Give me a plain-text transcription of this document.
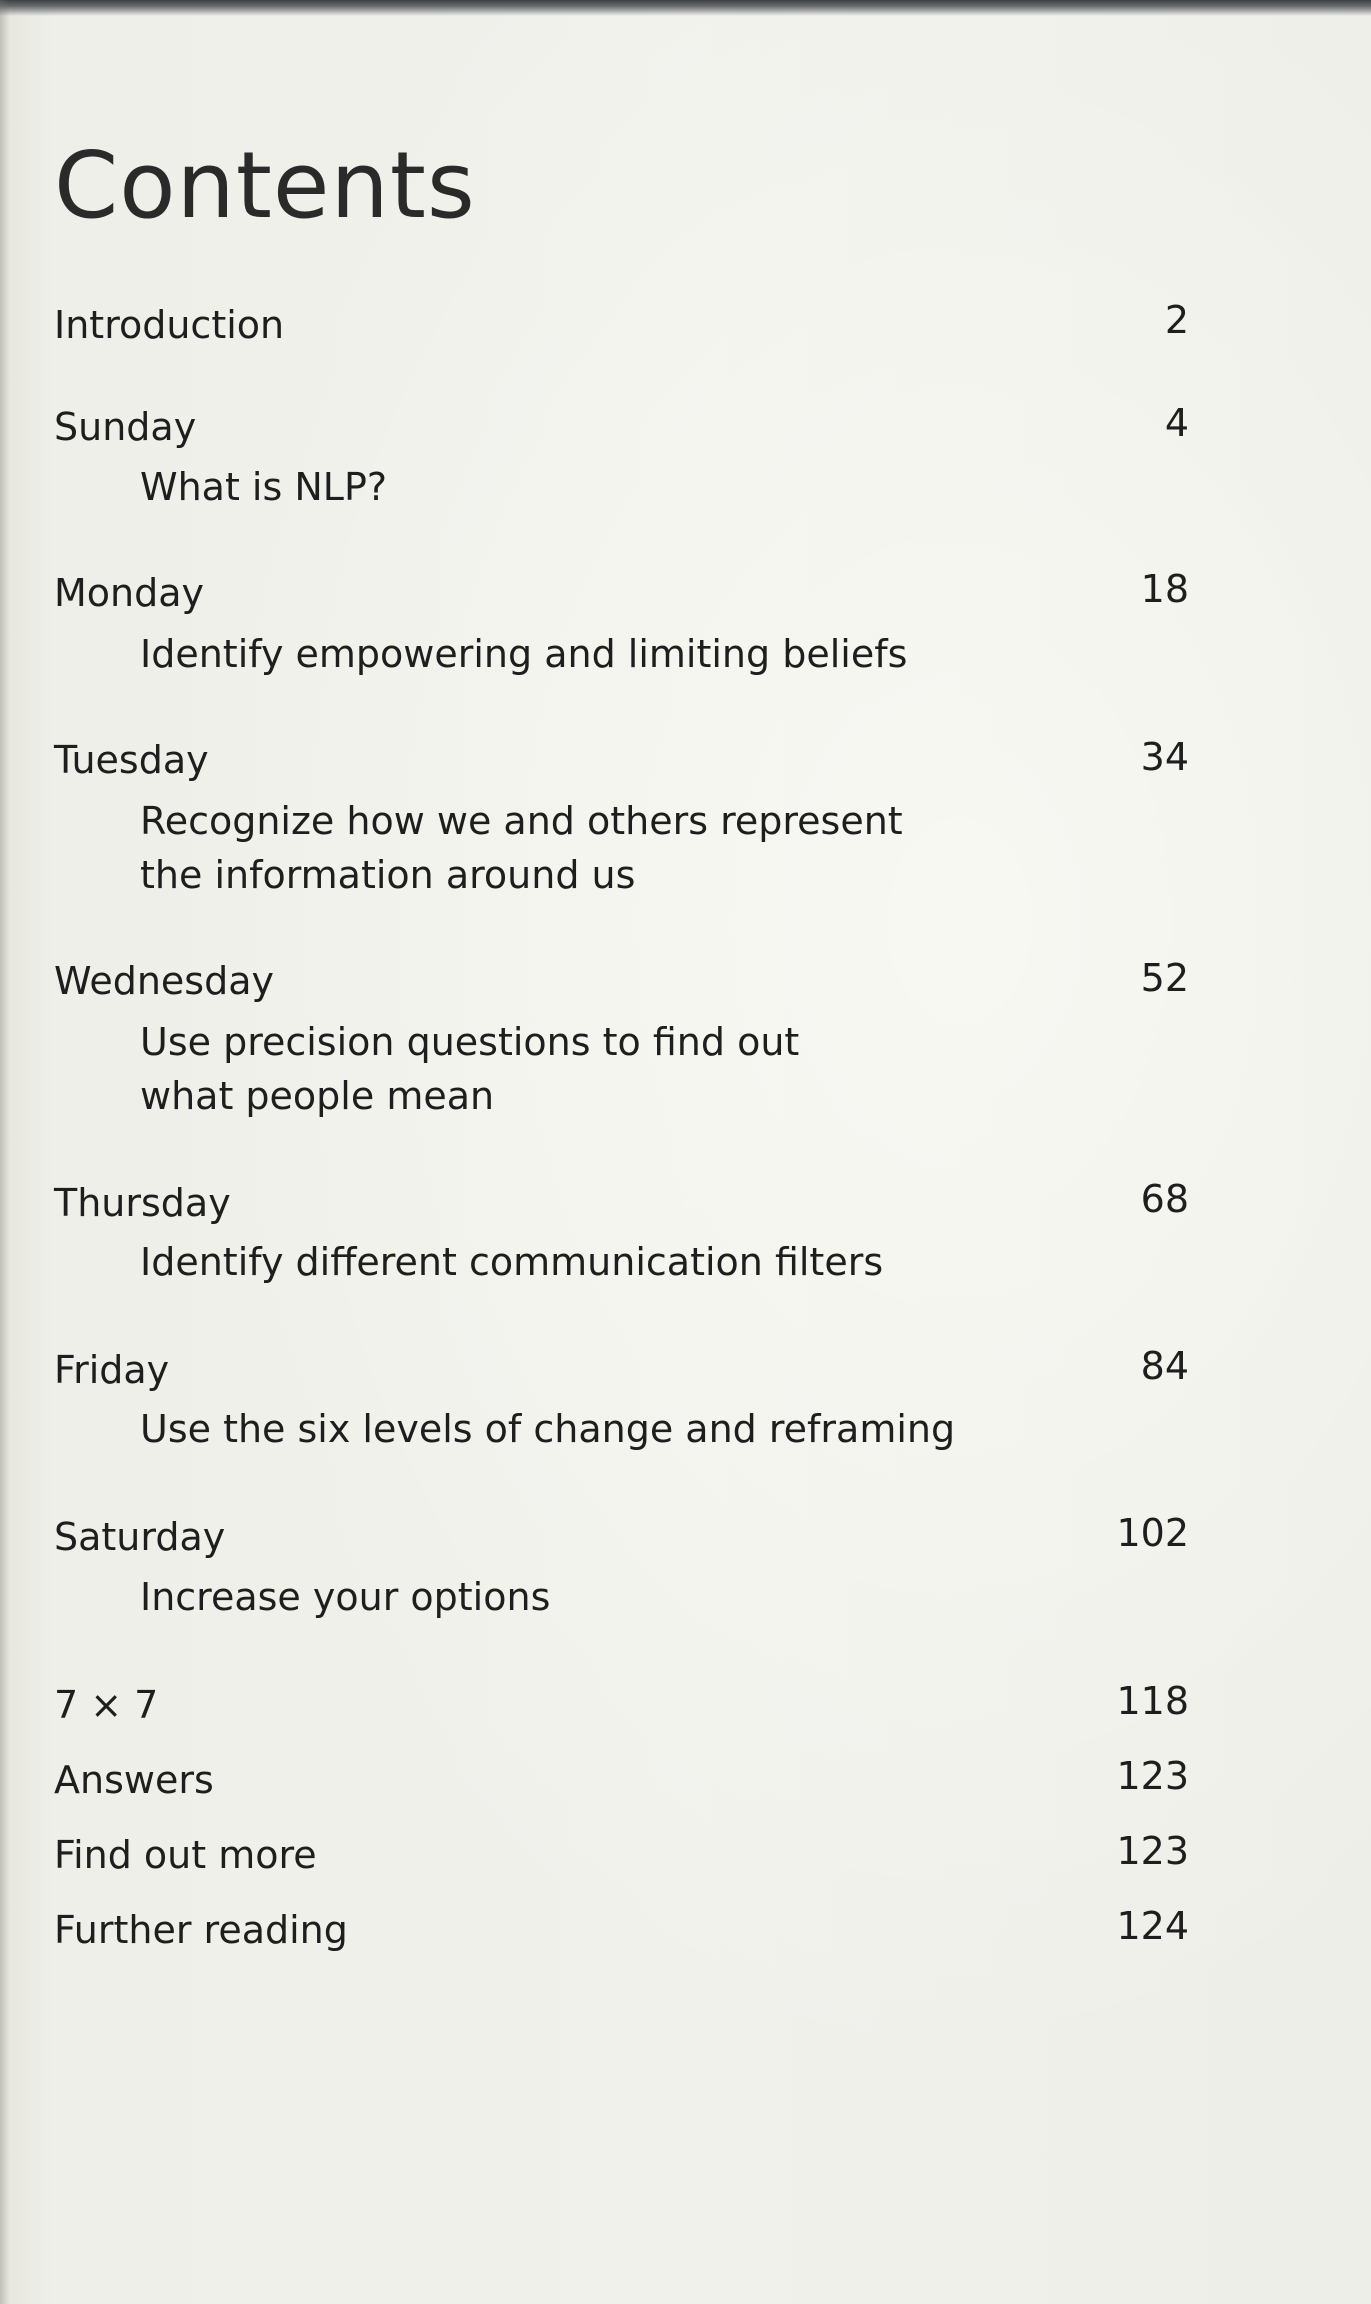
Contents
Introduction	2
Sunday	4
What is NLP?
Monday	18
Identify empowering and limiting beliefs
Tuesday	34
Recognize how we and others represent
the information around us
Wednesday	52
Use precision questions to find out
what people mean
Thursday	68
Identify different communication filters
Friday	84
Use the six levels of change and reframing
Saturday	102
Increase your options
7 × 7	118
Answers	123
Find out more	123
Further reading	124
